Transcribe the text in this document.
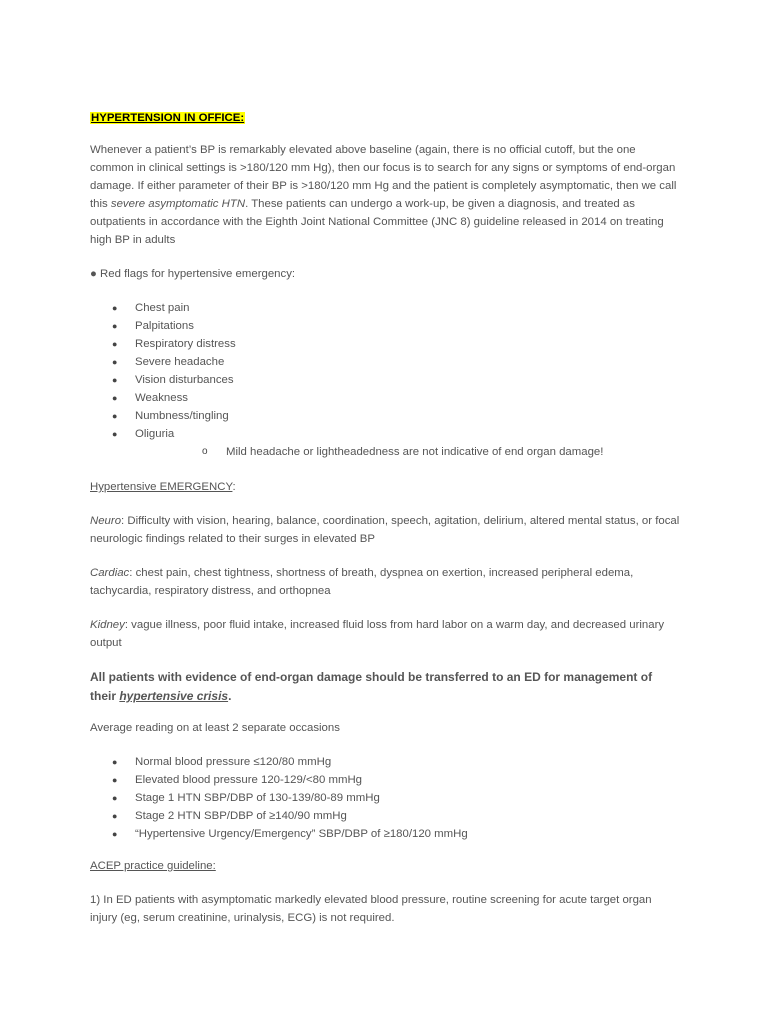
HYPERTENSION IN OFFICE:

Whenever a patient’s BP is remarkably elevated above baseline (again, there is no official cutoff, but the one common in clinical settings is >180/120 mm Hg), then our focus is to search for any signs or symptoms of end-organ damage. If either parameter of their BP is >180/120 mm Hg and the patient is completely asymptomatic, then we call this severe asymptomatic HTN. These patients can undergo a work-up, be given a diagnosis, and treated as outpatients in accordance with the Eighth Joint National Committee (JNC 8) guideline released in 2014 on treating high BP in adults

● Red flags for hypertensive emergency:

● Chest pain
● Palpitations
● Respiratory distress
● Severe headache
● Vision disturbances
● Weakness
● Numbness/tingling
● Oliguria
o Mild headache or lightheadedness are not indicative of end organ damage!

Hypertensive EMERGENCY:

Neuro: Difficulty with vision, hearing, balance, coordination, speech, agitation, delirium, altered mental status, or focal neurologic findings related to their surges in elevated BP

Cardiac: chest pain, chest tightness, shortness of breath, dyspnea on exertion, increased peripheral edema, tachycardia, respiratory distress, and orthopnea

Kidney: vague illness, poor fluid intake, increased fluid loss from hard labor on a warm day, and decreased urinary output

All patients with evidence of end-organ damage should be transferred to an ED for management of their hypertensive crisis.

Average reading on at least 2 separate occasions

● Normal blood pressure ≤120/80 mmHg
● Elevated blood pressure 120-129/<80 mmHg
● Stage 1 HTN SBP/DBP of 130-139/80-89 mmHg
● Stage 2 HTN SBP/DBP of ≥140/90 mmHg
● “Hypertensive Urgency/Emergency” SBP/DBP of ≥180/120 mmHg

ACEP practice guideline:

1) In ED patients with asymptomatic markedly elevated blood pressure, routine screening for acute target organ injury (eg, serum creatinine, urinalysis, ECG) is not required.
